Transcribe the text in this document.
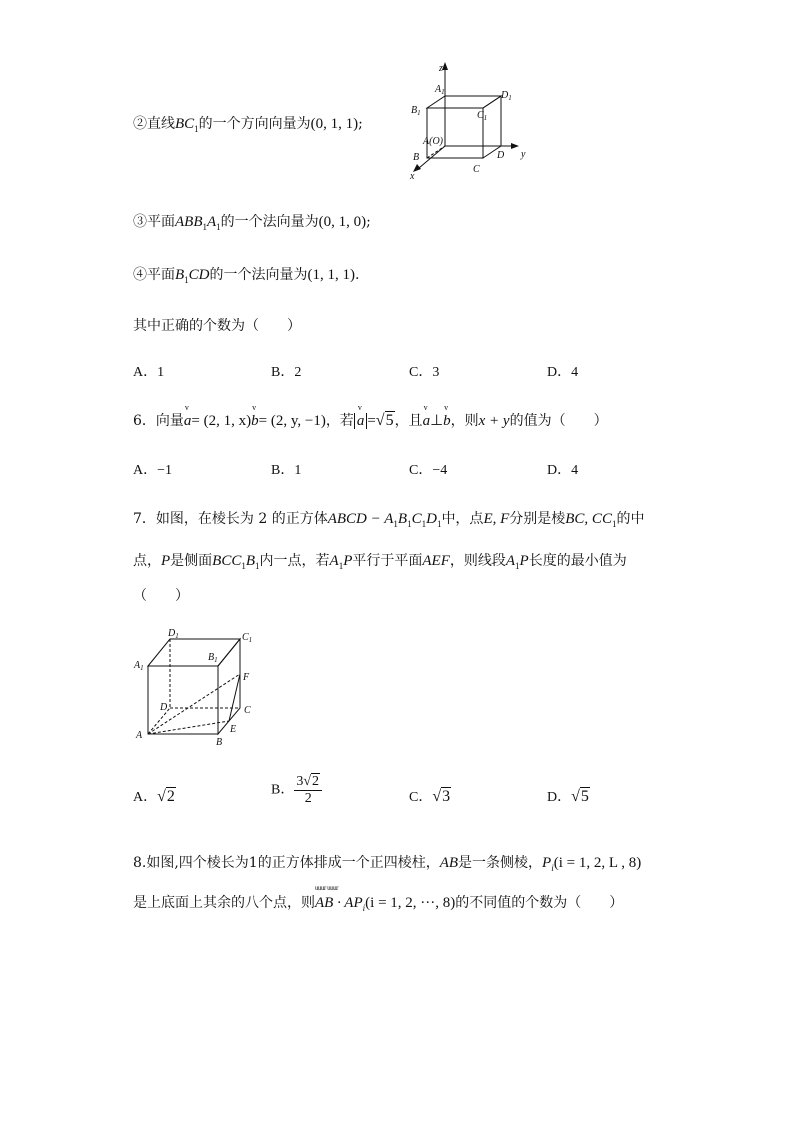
②直线$BC_1$的一个方向向量为(0, 1, 1);
z
y
x
$A_1$	$D_1$
$B_1$	$C_1$
A(O)
B	D
C
③平面$ABB_1A_1$的一个法向量为(0, 1, 0);
④平面$B_1CD$的一个法向量为(1, 1, 1).
其中正确的个数为（　　）
A．1	B．2	C．3	D．4
6．向量
v
a= (2, 1, x)
v
b= (2, y, −1)，若
v
a =√5，且
v
a⊥
v
b，则x + y的值为（　　）
A．−1	B．1	C．−4	D．4
7．如图，在棱长为 2 的正方体ABCD − $A_1B_1C_1D_1$中，点E, F分别是棱BC, $CC_1$的中
点，P是侧面$BCC_1B_1$内一点，若$A_1P$平行于平面AEF，则线段$A_1P$长度的最小值为
（　　）
$D_1$	$C_1$
$A_1$
$B_1$
F
D	C
A
E
B
A．√2	B． $\frac{3√2}{2}$	C．√3	D．√5
8.如图,四个棱长为1的正方体排成一个正四棱柱，AB是一条侧棱，$P_i(i = 1$, 2, L , 8)
是上底面上其余的八个点，则
uuur uuur
AB · $AP_i(i = 1$, 2, ···, 8)的不同值的个数为（　　）
